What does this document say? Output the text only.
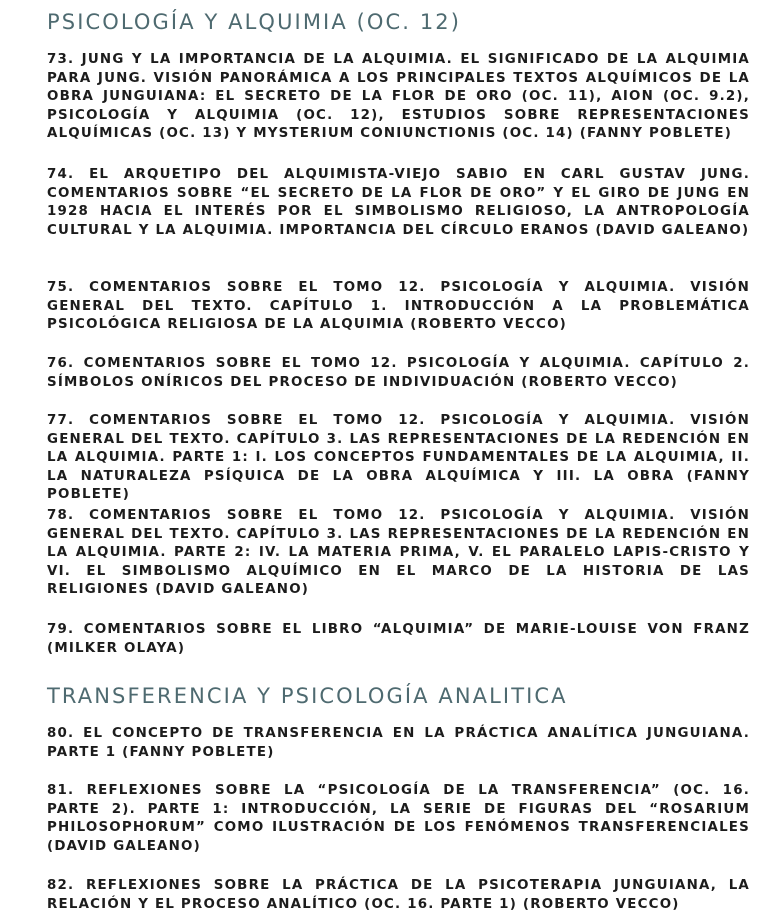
PSICOLOGÍA Y ALQUIMIA (OC. 12)

73. JUNG Y LA IMPORTANCIA DE LA ALQUIMIA. EL SIGNIFICADO DE LA ALQUIMIA PARA JUNG. VISIÓN PANORÁMICA A LOS PRINCIPALES TEXTOS ALQUÍMICOS DE LA OBRA JUNGUIANA: EL SECRETO DE LA FLOR DE ORO (OC. 11), AION (OC. 9.2), PSICOLOGÍA Y ALQUIMIA (OC. 12), ESTUDIOS SOBRE REPRESENTACIONES ALQUÍMICAS (OC. 13) Y MYSTERIUM CONIUNCTIONIS (OC. 14) (FANNY POBLETE)

74. EL ARQUETIPO DEL ALQUIMISTA-VIEJO SABIO EN CARL GUSTAV JUNG. COMENTARIOS SOBRE “EL SECRETO DE LA FLOR DE ORO” Y EL GIRO DE JUNG EN 1928 HACIA EL INTERÉS POR EL SIMBOLISMO RELIGIOSO, LA ANTROPOLOGÍA CULTURAL Y LA ALQUIMIA. IMPORTANCIA DEL CÍRCULO ERANOS (DAVID GALEANO)

75. COMENTARIOS SOBRE EL TOMO 12. PSICOLOGÍA Y ALQUIMIA. VISIÓN GENERAL DEL TEXTO. CAPÍTULO 1. INTRODUCCIÓN A LA PROBLEMÁTICA PSICOLÓGICA RELIGIOSA DE LA ALQUIMIA (ROBERTO VECCO)

76. COMENTARIOS SOBRE EL TOMO 12. PSICOLOGÍA Y ALQUIMIA. CAPÍTULO 2. SÍMBOLOS ONÍRICOS DEL PROCESO DE INDIVIDUACIÓN (ROBERTO VECCO)

77. COMENTARIOS SOBRE EL TOMO 12. PSICOLOGÍA Y ALQUIMIA. VISIÓN GENERAL DEL TEXTO. CAPÍTULO 3. LAS REPRESENTACIONES DE LA REDENCIÓN EN LA ALQUIMIA. PARTE 1: I. LOS CONCEPTOS FUNDAMENTALES DE LA ALQUIMIA, II. LA NATURALEZA PSÍQUICA DE LA OBRA ALQUÍMICA Y III. LA OBRA (FANNY POBLETE)

78. COMENTARIOS SOBRE EL TOMO 12. PSICOLOGÍA Y ALQUIMIA. VISIÓN GENERAL DEL TEXTO. CAPÍTULO 3. LAS REPRESENTACIONES DE LA REDENCIÓN EN LA ALQUIMIA. PARTE 2: IV. LA MATERIA PRIMA, V. EL PARALELO LAPIS-CRISTO Y VI. EL SIMBOLISMO ALQUÍMICO EN EL MARCO DE LA HISTORIA DE LAS RELIGIONES (DAVID GALEANO)

79. COMENTARIOS SOBRE EL LIBRO “ALQUIMIA” DE MARIE-LOUISE VON FRANZ (MILKER OLAYA)

TRANSFERENCIA Y PSICOLOGÍA ANALITICA

80. EL CONCEPTO DE TRANSFERENCIA EN LA PRÁCTICA ANALÍTICA JUNGUIANA. PARTE 1 (FANNY POBLETE)

81. REFLEXIONES SOBRE LA “PSICOLOGÍA DE LA TRANSFERENCIA” (OC. 16. PARTE 2). PARTE 1: INTRODUCCIÓN, LA SERIE DE FIGURAS DEL “ROSARIUM PHILOSOPHORUM” COMO ILUSTRACIÓN DE LOS FENÓMENOS TRANSFERENCIALES (DAVID GALEANO)

82. REFLEXIONES SOBRE LA PRÁCTICA DE LA PSICOTERAPIA JUNGUIANA, LA RELACIÓN Y EL PROCESO ANALÍTICO (OC. 16. PARTE 1) (ROBERTO VECCO)
